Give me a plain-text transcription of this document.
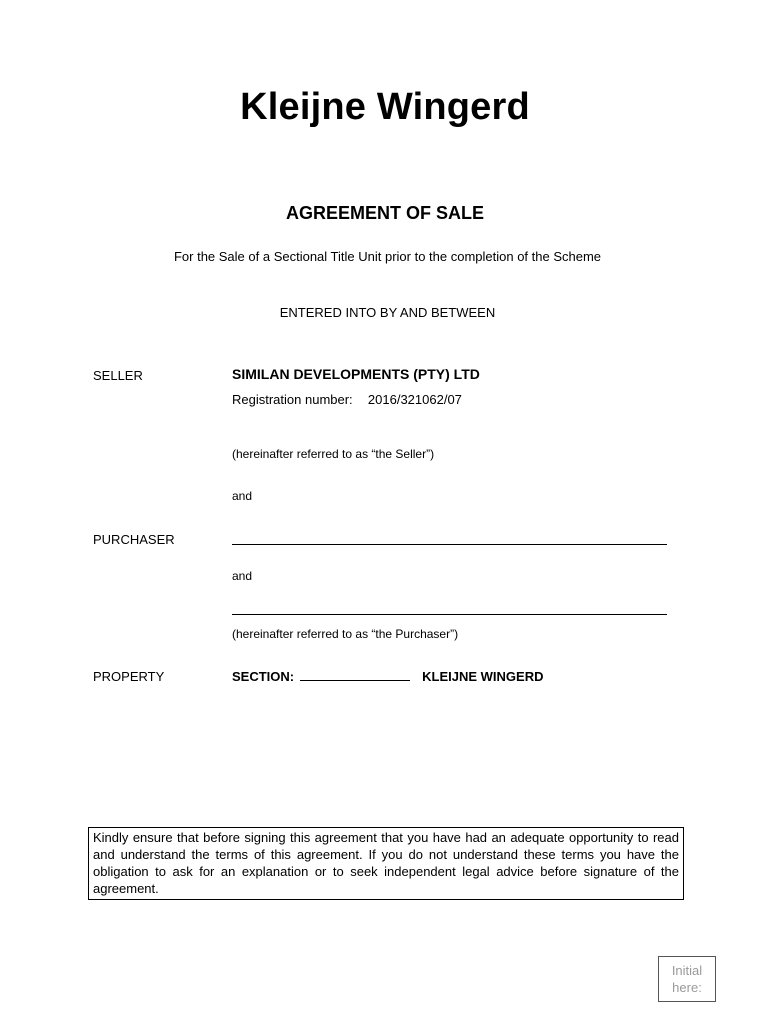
Kleijne Wingerd
AGREEMENT OF SALE
For the Sale of a Sectional Title Unit prior to the completion of the Scheme
ENTERED INTO BY AND BETWEEN
SELLER	SIMILAN DEVELOPMENTS (PTY) LTD
Registration number: 2016/321062/07
(hereinafter referred to as “the Seller”)
and
PURCHASER
and
(hereinafter referred to as “the Purchaser”)
PROPERTY	SECTION:	KLEIJNE WINGERD
Kindly ensure that before signing this agreement that you have had an adequate opportunity to read and understand the terms of this agreement. If you do not understand these terms you have the obligation to ask for an explanation or to seek independent legal advice before signature of the agreement.
Initial
here:
